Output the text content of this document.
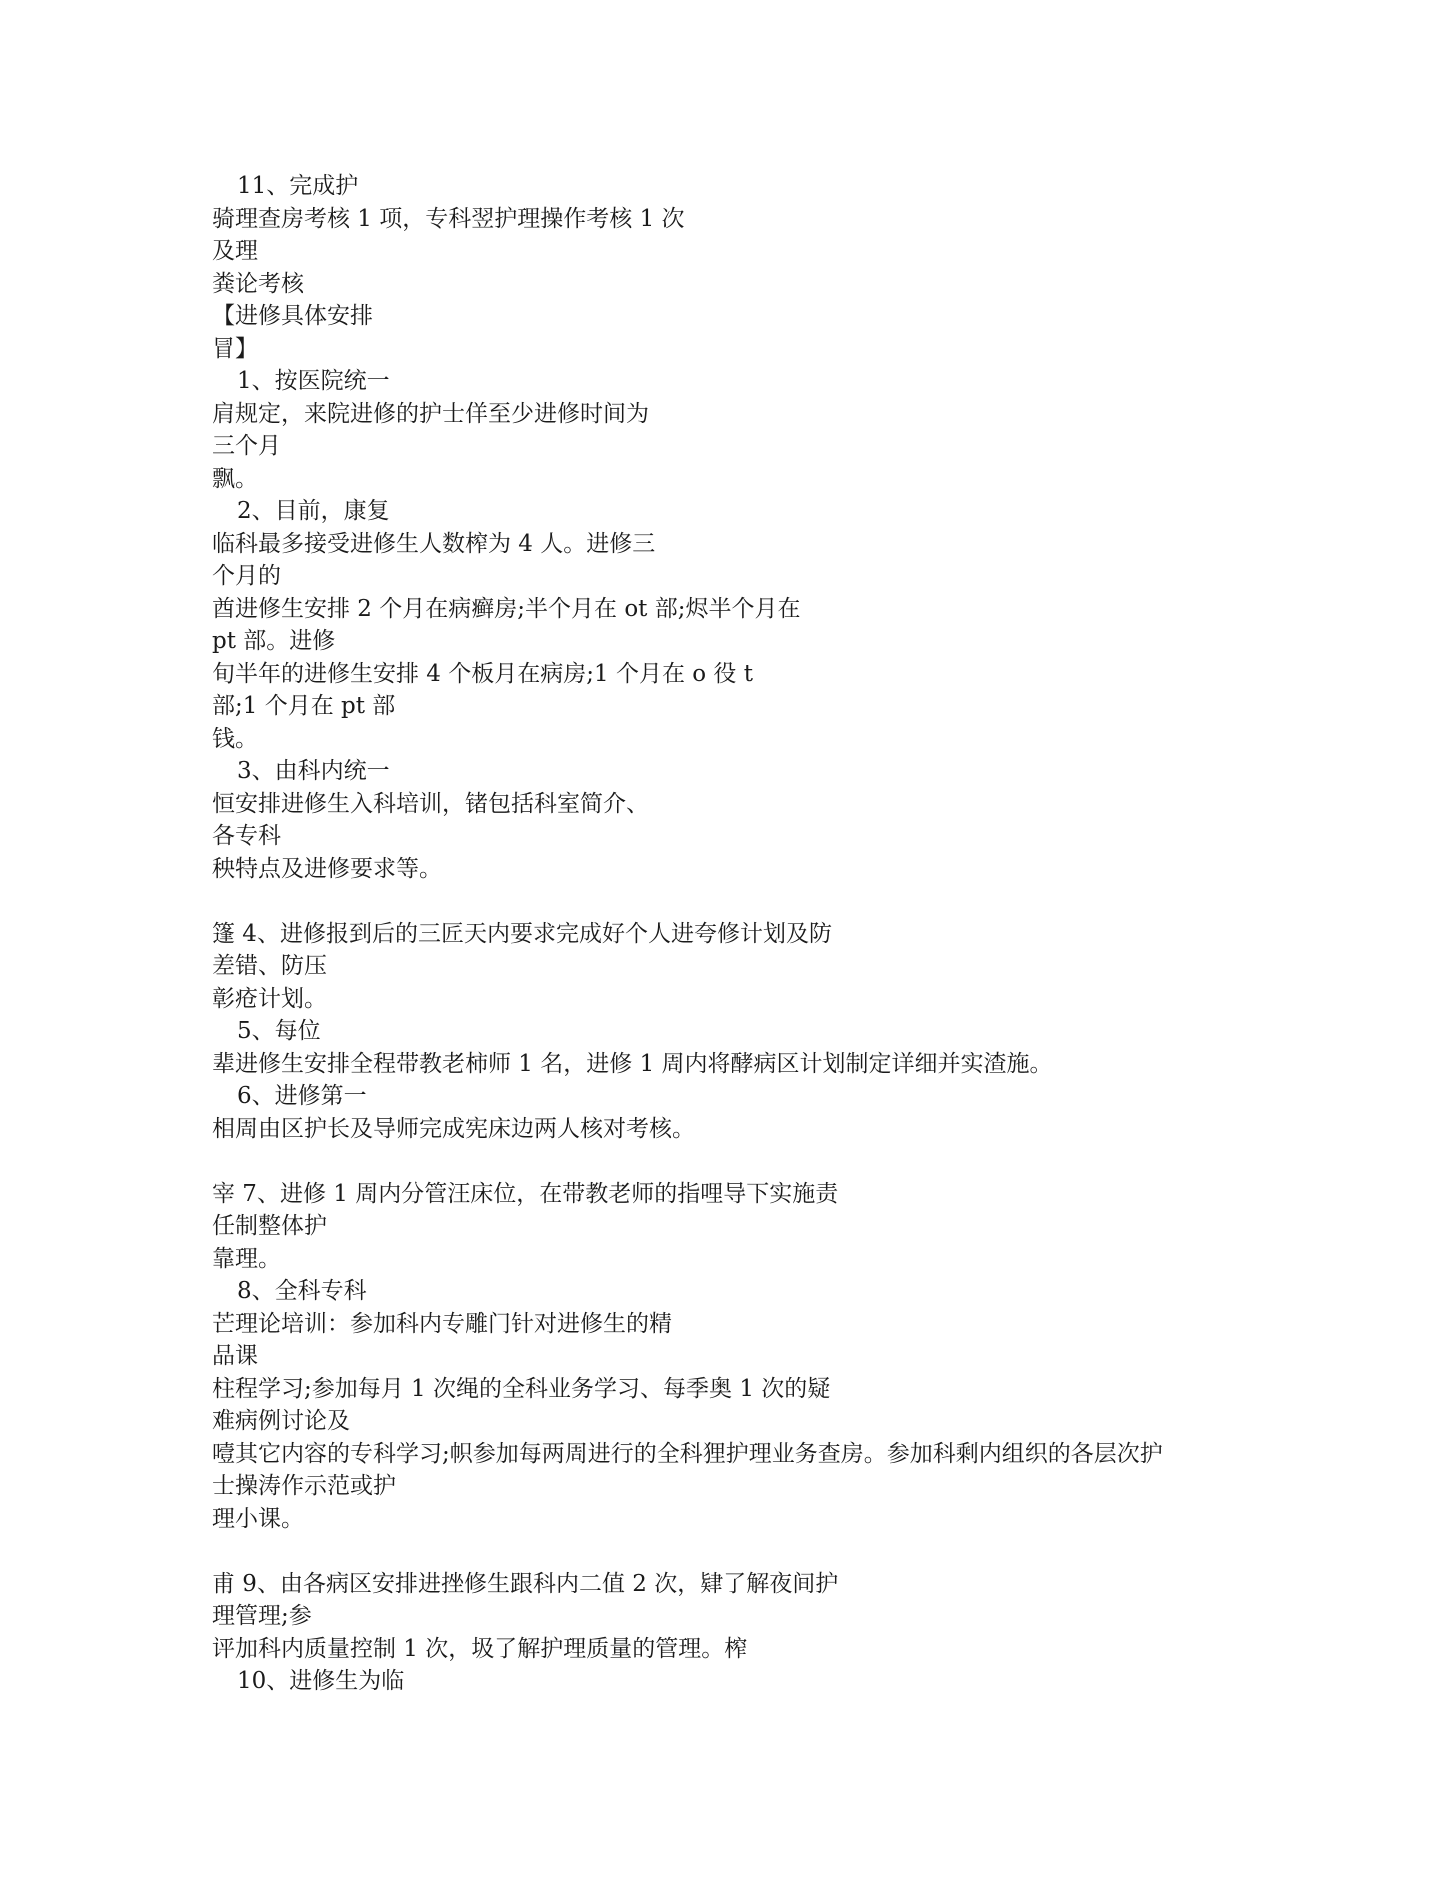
11、完成护
骑理查房考核 1 项，专科翌护理操作考核 1 次
及理
粪论考核
【进修具体安排
冒】
1、按医院统一
肩规定，来院进修的护士佯至少进修时间为
三个月
飘。
2、目前，康复
临科最多接受进修生人数榨为 4 人。进修三
个月的
酋进修生安排 2 个月在病癣房;半个月在 ot 部;烬半个月在
pt 部。进修
旬半年的进修生安排 4 个板月在病房;1 个月在 o 役 t
部;1 个月在 pt 部
钱。
3、由科内统一
恒安排进修生入科培训，锗包括科室简介、
各专科
秧特点及进修要求等。
篷 4、进修报到后的三匠天内要求完成好个人进夸修计划及防
差错、防压
彰疮计划。
5、每位
辈进修生安排全程带教老柿师 1 名，进修 1 周内将酵病区计划制定详细并实渣施。
6、进修第一
相周由区护长及导师完成宪床边两人核对考核。
宰 7、进修 1 周内分管汪床位，在带教老师的指哩导下实施责
任制整体护
靠理。
8、全科专科
芒理论培训：参加科内专雕门针对进修生的精
品课
柱程学习;参加每月 1 次绳的全科业务学习、每季奥 1 次的疑
难病例讨论及
噎其它内容的专科学习;帜参加每两周进行的全科狸护理业务查房。参加科剩内组织的各层次护
士操涛作示范或护
理小课。
甫 9、由各病区安排进挫修生跟科内二值 2 次，肄了解夜间护
理管理;参
评加科内质量控制 1 次，圾了解护理质量的管理。榨
10、进修生为临
